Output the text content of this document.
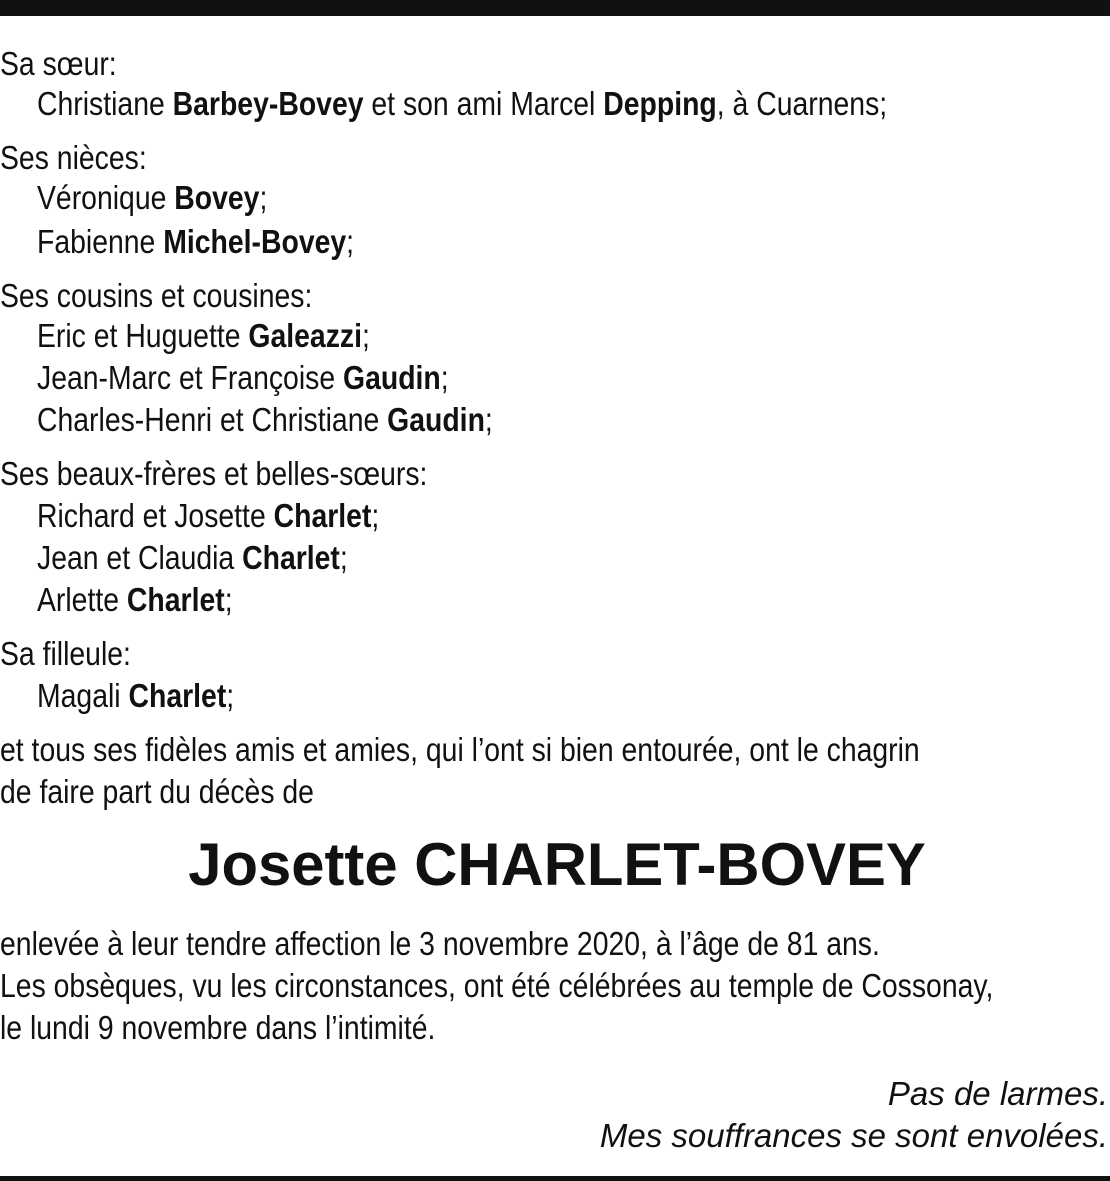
Sa sœur:

Christiane Barbey-Bovey et son ami Marcel Depping, à Cuarnens;

Ses nièces:

Véronique Bovey;

Fabienne Michel-Bovey;

Ses cousins et cousines:

Eric et Huguette Galeazzi;

Jean-Marc et Françoise Gaudin;

Charles-Henri et Christiane Gaudin;

Ses beaux-frères et belles-sœurs:

Richard et Josette Charlet;

Jean et Claudia Charlet;

Arlette Charlet;

Sa filleule:

Magali Charlet;

et tous ses fidèles amis et amies, qui l’ont si bien entourée, ont le chagrin

de faire part du décès de

Josette CHARLET-BOVEY

enlevée à leur tendre affection le 3 novembre 2020, à l’âge de 81 ans.

Les obsèques, vu les circonstances, ont été célébrées au temple de Cossonay,

le lundi 9 novembre dans l’intimité.

Pas de larmes.

Mes souffrances se sont envolées.
